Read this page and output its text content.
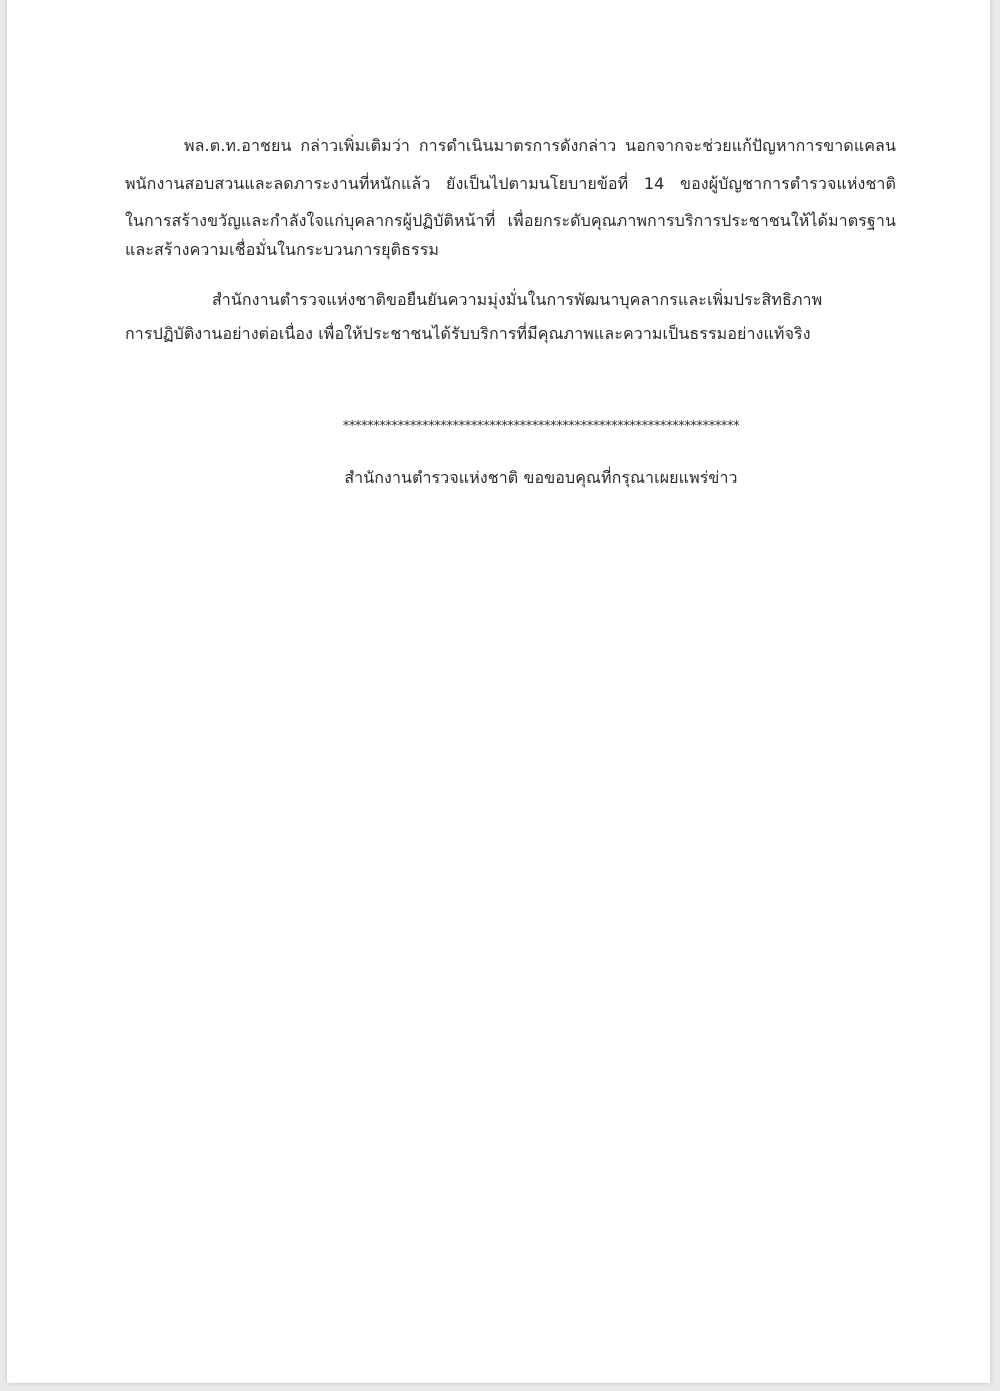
พล.ต.ท.อาชยน กล่าวเพิ่มเติมว่า การดำเนินมาตรการดังกล่าว นอกจากจะช่วยแก้ปัญหาการขาดแคลน
พนักงานสอบสวนและลดภาระงานที่หนักแล้ว ยังเป็นไปตามนโยบายข้อที่ 14 ของผู้บัญชาการตำรวจแห่งชาติ
ในการสร้างขวัญและกำลังใจแก่บุคลากรผู้ปฏิบัติหน้าที่ เพื่อยกระดับคุณภาพการบริการประชาชนให้ได้มาตรฐาน
และสร้างความเชื่อมั่นในกระบวนการยุติธรรม
สำนักงานตำรวจแห่งชาติขอยืนยันความมุ่งมั่นในการพัฒนาบุคลากรและเพิ่มประสิทธิภาพ
การปฏิบัติงานอย่างต่อเนื่อง เพื่อให้ประชาชนได้รับบริการที่มีคุณภาพและความเป็นธรรมอย่างแท้จริง
*****************************************************************
สำนักงานตำรวจแห่งชาติ ขอขอบคุณที่กรุณาเผยแพร่ข่าว
